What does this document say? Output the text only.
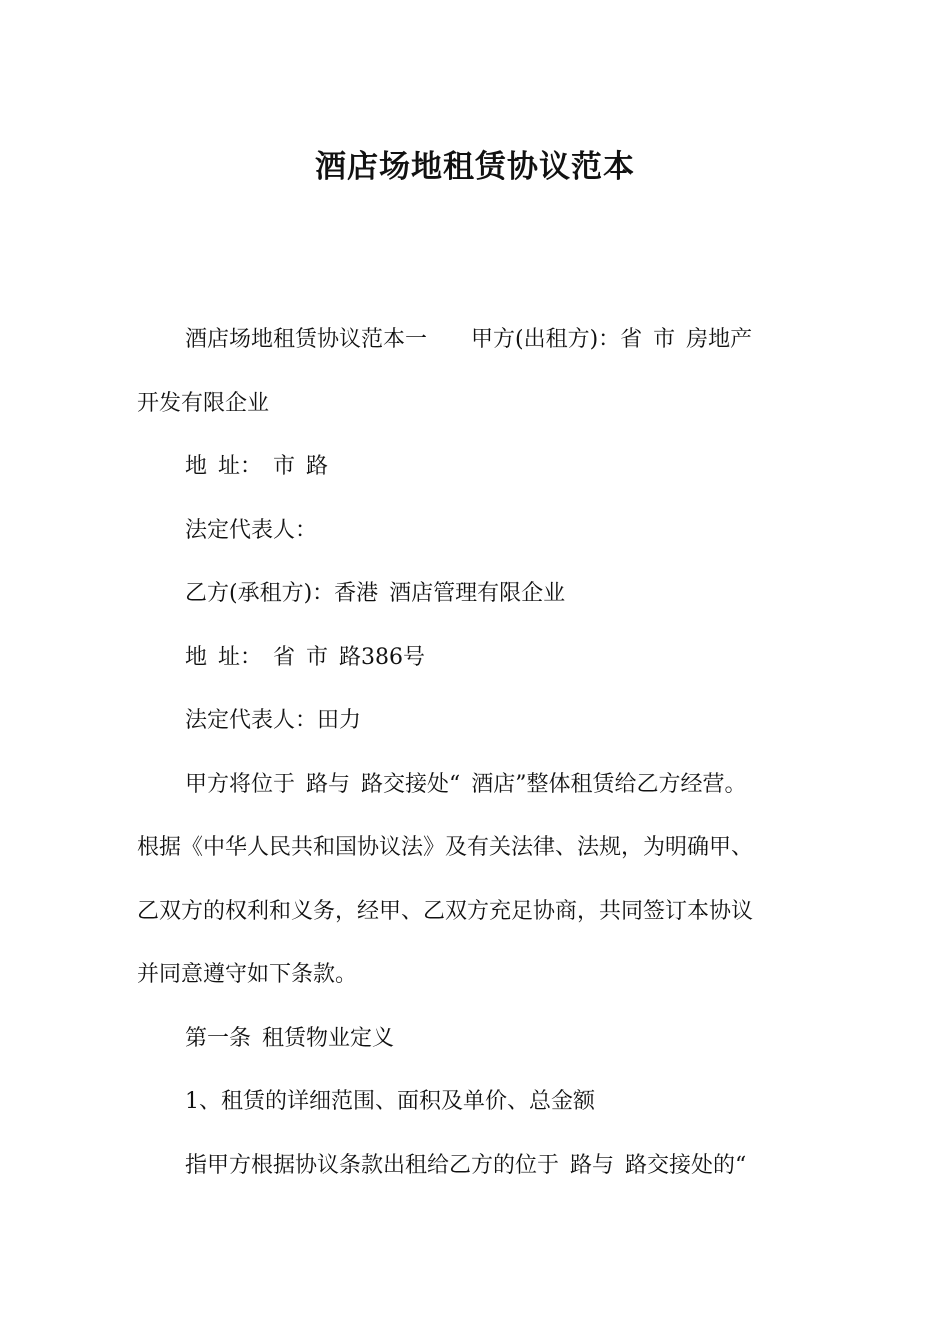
酒店场地租赁协议范本
酒店场地租赁协议范本一　　甲方(出租方)：省 市 房地产
开发有限企业
地 址： 市 路
法定代表人：
乙方(承租方)：香港 酒店管理有限企业
地 址： 省 市 路386号
法定代表人：田力
甲方将位于 路与 路交接处“ 酒店”整体租赁给乙方经营。
根据《中华人民共和国协议法》及有关法律、法规，为明确甲、
乙双方的权利和义务，经甲、乙双方充足协商，共同签订本协议
并同意遵守如下条款。
第一条 租赁物业定义
1、租赁的详细范围、面积及单价、总金额
指甲方根据协议条款出租给乙方的位于 路与 路交接处的“
